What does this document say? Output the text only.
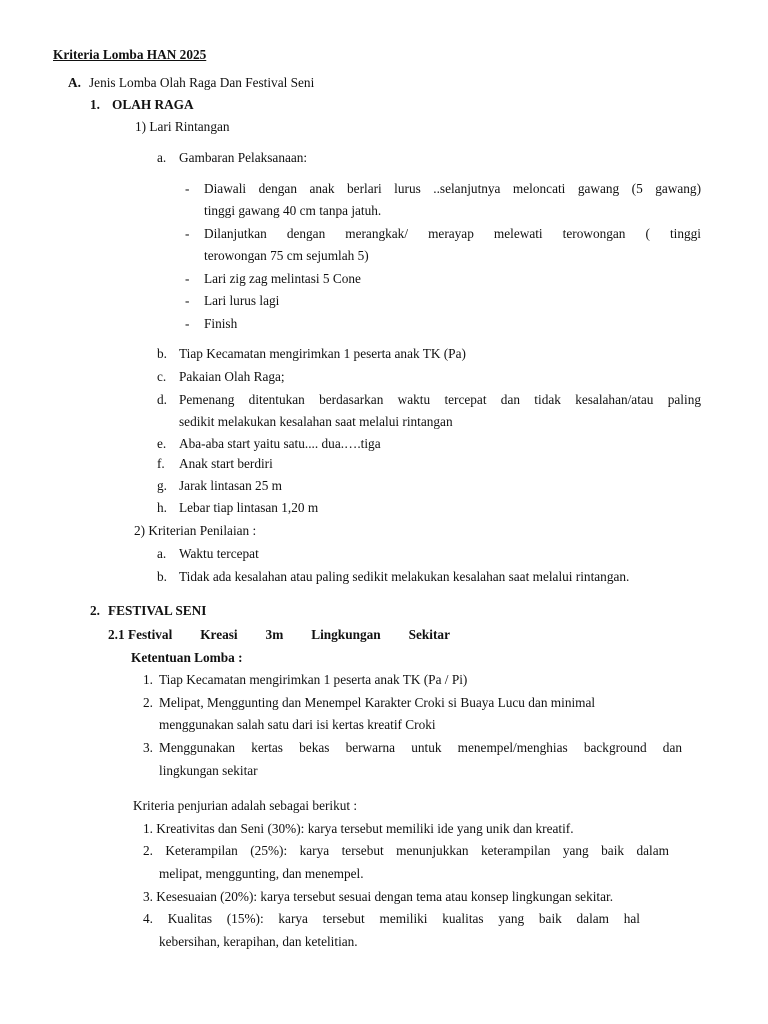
Kriteria Lomba HAN 2025
A. Jenis Lomba Olah Raga Dan Festival Seni
1. OLAH RAGA
1) Lari Rintangan
a. Gambaran Pelaksanaan:
- Diawali dengan anak berlari lurus ..selanjutnya meloncati gawang (5 gawang)
tinggi gawang 40 cm tanpa jatuh.
- Dilanjutkan dengan merangkak/ merayap melewati terowongan ( tinggi
terowongan 75 cm sejumlah 5)
- Lari zig zag melintasi 5 Cone
- Lari lurus lagi
- Finish
b. Tiap Kecamatan mengirimkan 1 peserta anak TK (Pa)
c. Pakaian Olah Raga;
d. Pemenang ditentukan berdasarkan waktu tercepat dan tidak kesalahan/atau paling
sedikit melakukan kesalahan saat melalui rintangan
e. Aba-aba start yaitu satu.... dua.….tiga
f. Anak start berdiri
g. Jarak lintasan 25 m
h. Lebar tiap lintasan 1,20 m
2) Kriterian Penilaian :
a. Waktu tercepat
b. Tidak ada kesalahan atau paling sedikit melakukan kesalahan saat melalui rintangan.
2. FESTIVAL SENI
2.1 Festival Kreasi 3m Lingkungan Sekitar
Ketentuan Lomba :
1. Tiap Kecamatan mengirimkan 1 peserta anak TK (Pa / Pi)
2. Melipat, Menggunting dan Menempel Karakter Croki si Buaya Lucu dan minimal
menggunakan salah satu dari isi kertas kreatif Croki
3. Menggunakan kertas bekas berwarna untuk menempel/menghias background dan
lingkungan sekitar
Kriteria penjurian adalah sebagai berikut :
1. Kreativitas dan Seni (30%): karya tersebut memiliki ide yang unik dan kreatif.
2. Keterampilan (25%): karya tersebut menunjukkan keterampilan yang baik dalam
melipat, menggunting, dan menempel.
3. Kesesuaian (20%): karya tersebut sesuai dengan tema atau konsep lingkungan sekitar.
4. Kualitas (15%): karya tersebut memiliki kualitas yang baik dalam hal
kebersihan, kerapihan, dan ketelitian.
